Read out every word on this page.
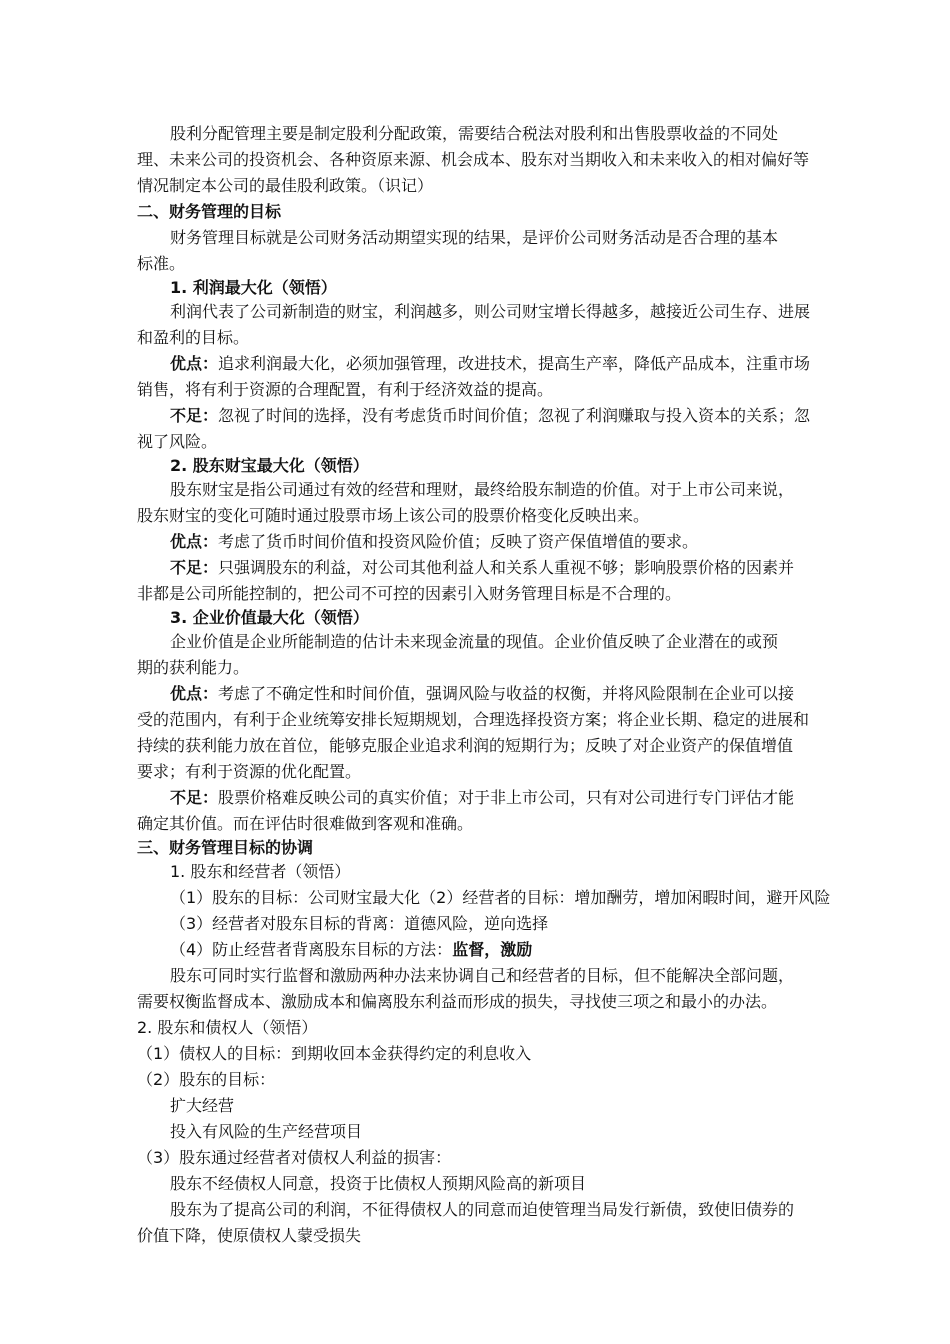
股利分配管理主要是制定股利分配政策，需要结合税法对股利和出售股票收益的不同处
理、未来公司的投资机会、各种资原来源、机会成本、股东对当期收入和未来收入的相对偏好等
情况制定本公司的最佳股利政策。（识记）
二、财务管理的目标
财务管理目标就是公司财务活动期望实现的结果，是评价公司财务活动是否合理的基本
标准。
1. 利润最大化（领悟）
利润代表了公司新制造的财宝，利润越多，则公司财宝增长得越多，越接近公司生存、进展
和盈利的目标。
优点：追求利润最大化，必须加强管理，改进技术，提高生产率，降低产品成本，注重市场
销售，将有利于资源的合理配置，有利于经济效益的提高。
不足：忽视了时间的选择，没有考虑货币时间价值；忽视了利润赚取与投入资本的关系；忽
视了风险。
2. 股东财宝最大化（领悟）
股东财宝是指公司通过有效的经营和理财，最终给股东制造的价值。对于上市公司来说，
股东财宝的变化可随时通过股票市场上该公司的股票价格变化反映出来。
优点：考虑了货币时间价值和投资风险价值；反映了资产保值增值的要求。
不足：只强调股东的利益，对公司其他利益人和关系人重视不够；影响股票价格的因素并
非都是公司所能控制的，把公司不可控的因素引入财务管理目标是不合理的。
3. 企业价值最大化（领悟）
企业价值是企业所能制造的估计未来现金流量的现值。企业价值反映了企业潜在的或预
期的获利能力。
优点：考虑了不确定性和时间价值，强调风险与收益的权衡，并将风险限制在企业可以接
受的范围内，有利于企业统筹安排长短期规划，合理选择投资方案；将企业长期、稳定的进展和
持续的获利能力放在首位，能够克服企业追求利润的短期行为；反映了对企业资产的保值增值
要求；有利于资源的优化配置。
不足：股票价格难反映公司的真实价值；对于非上市公司，只有对公司进行专门评估才能
确定其价值。而在评估时很难做到客观和准确。
三、财务管理目标的协调
1. 股东和经营者（领悟）
（1）股东的目标：公司财宝最大化（2）经营者的目标：增加酬劳，增加闲暇时间，避开风险
（3）经营者对股东目标的背离：道德风险，逆向选择
（4）防止经营者背离股东目标的方法：监督，激励
股东可同时实行监督和激励两种办法来协调自己和经营者的目标，但不能解决全部问题，
需要权衡监督成本、激励成本和偏离股东利益而形成的损失，寻找使三项之和最小的办法。
2. 股东和债权人（领悟）
（1）债权人的目标：到期收回本金获得约定的利息收入
（2）股东的目标：
扩大经营
投入有风险的生产经营项目
（3）股东通过经营者对债权人利益的损害：
股东不经债权人同意，投资于比债权人预期风险高的新项目
股东为了提高公司的利润，不征得债权人的同意而迫使管理当局发行新债，致使旧债券的
价值下降，使原债权人蒙受损失
